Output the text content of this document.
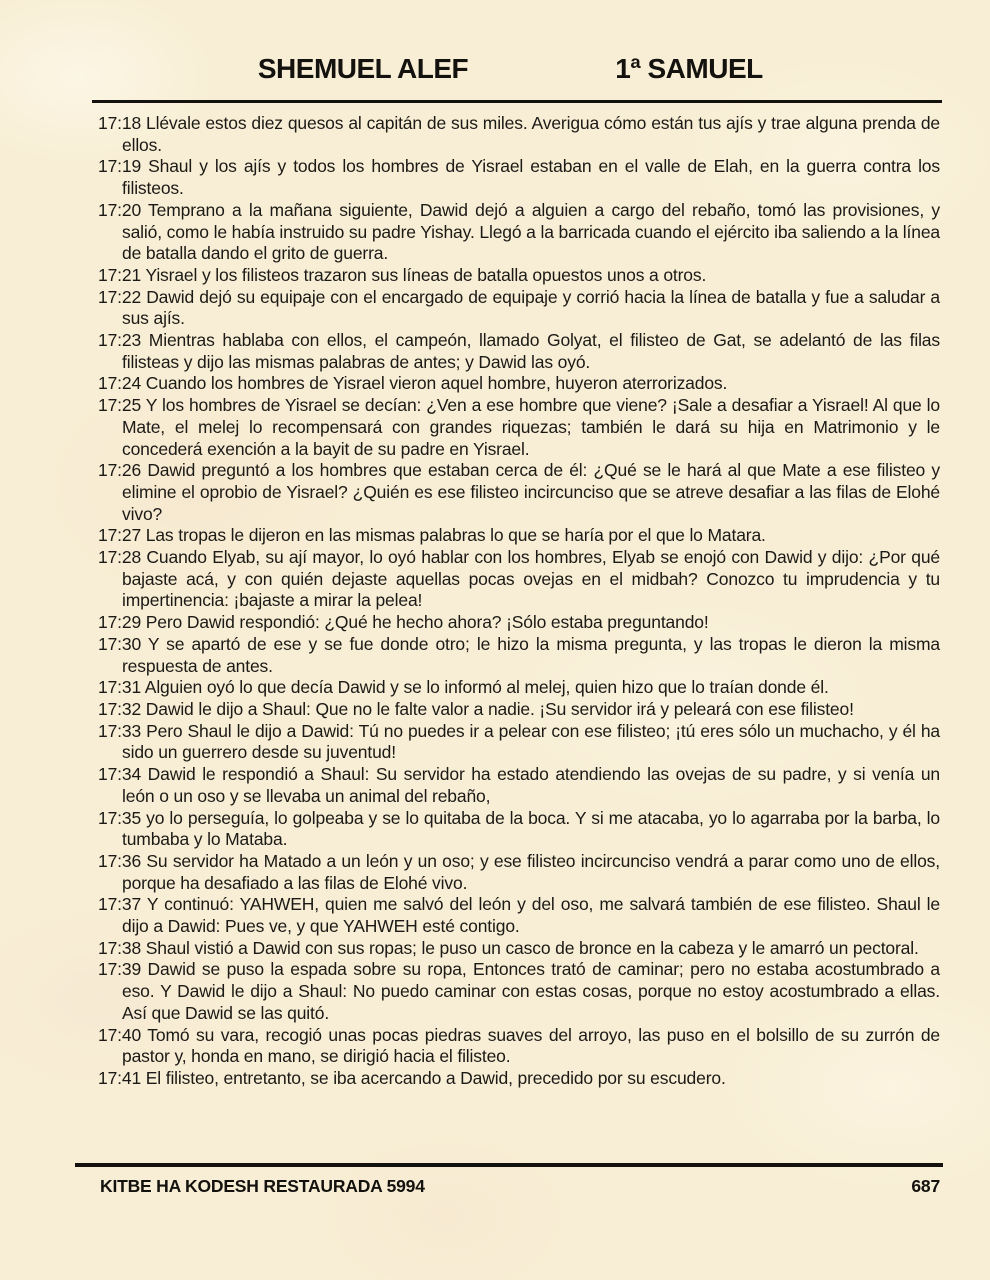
SHEMUEL ALEF	1ª SAMUEL

17:18 Llévale estos diez quesos al capitán de sus miles. Averigua cómo están tus ajís y trae alguna prenda de ellos.

17:19 Shaul y los ajís y todos los hombres de Yisrael estaban en el valle de Elah, en la guerra contra los filisteos.

17:20 Temprano a la mañana siguiente, Dawid dejó a alguien a cargo del rebaño, tomó las provisiones, y salió, como le había instruido su padre Yishay. Llegó a la barricada cuando el ejército iba saliendo a la línea de batalla dando el grito de guerra.

17:21 Yisrael y los filisteos trazaron sus líneas de batalla opuestos unos a otros.

17:22 Dawid dejó su equipaje con el encargado de equipaje y corrió hacia la línea de batalla y fue a saludar a sus ajís.

17:23 Mientras hablaba con ellos, el campeón, llamado Golyat, el filisteo de Gat, se adelantó de las filas filisteas y dijo las mismas palabras de antes; y Dawid las oyó.

17:24 Cuando los hombres de Yisrael vieron aquel hombre, huyeron aterrorizados.

17:25 Y los hombres de Yisrael se decían: ¿Ven a ese hombre que viene? ¡Sale a desafiar a Yisrael! Al que lo Mate, el melej lo recompensará con grandes riquezas; también le dará su hija en Matrimonio y le concederá exención a la bayit de su padre en Yisrael.

17:26 Dawid preguntó a los hombres que estaban cerca de él: ¿Qué se le hará al que Mate a ese filisteo y elimine el oprobio de Yisrael? ¿Quién es ese filisteo incircunciso que se atreve desafiar a las filas de Elohé vivo?

17:27 Las tropas le dijeron en las mismas palabras lo que se haría por el que lo Matara.

17:28 Cuando Elyab, su ají mayor, lo oyó hablar con los hombres, Elyab se enojó con Dawid y dijo: ¿Por qué bajaste acá, y con quién dejaste aquellas pocas ovejas en el midbah? Conozco tu imprudencia y tu impertinencia: ¡bajaste a mirar la pelea!

17:29 Pero Dawid respondió: ¿Qué he hecho ahora? ¡Sólo estaba preguntando!

17:30 Y se apartó de ese y se fue donde otro; le hizo la misma pregunta, y las tropas le dieron la misma respuesta de antes.

17:31 Alguien oyó lo que decía Dawid y se lo informó al melej, quien hizo que lo traían donde él.

17:32 Dawid le dijo a Shaul: Que no le falte valor a nadie. ¡Su servidor irá y peleará con ese filisteo!

17:33 Pero Shaul le dijo a Dawid: Tú no puedes ir a pelear con ese filisteo; ¡tú eres sólo un muchacho, y él ha sido un guerrero desde su juventud!

17:34 Dawid le respondió a Shaul: Su servidor ha estado atendiendo las ovejas de su padre, y si venía un león o un oso y se llevaba un animal del rebaño,

17:35 yo lo perseguía, lo golpeaba y se lo quitaba de la boca. Y si me atacaba, yo lo agarraba por la barba, lo tumbaba y lo Mataba.

17:36 Su servidor ha Matado a un león y un oso; y ese filisteo incircunciso vendrá a parar como uno de ellos, porque ha desafiado a las filas de Elohé vivo.

17:37 Y continuó: YAHWEH, quien me salvó del león y del oso, me salvará también de ese filisteo. Shaul le dijo a Dawid: Pues ve, y que YAHWEH esté contigo.

17:38 Shaul vistió a Dawid con sus ropas; le puso un casco de bronce en la cabeza y le amarró un pectoral.

17:39 Dawid se puso la espada sobre su ropa, Entonces trató de caminar; pero no estaba acostumbrado a eso. Y Dawid le dijo a Shaul: No puedo caminar con estas cosas, porque no estoy acostumbrado a ellas. Así que Dawid se las quitó.

17:40 Tomó su vara, recogió unas pocas piedras suaves del arroyo, las puso en el bolsillo de su zurrón de pastor y, honda en mano, se dirigió hacia el filisteo.

17:41 El filisteo, entretanto, se iba acercando a Dawid, precedido por su escudero.

KITBE HA KODESH RESTAURADA 5994	687
